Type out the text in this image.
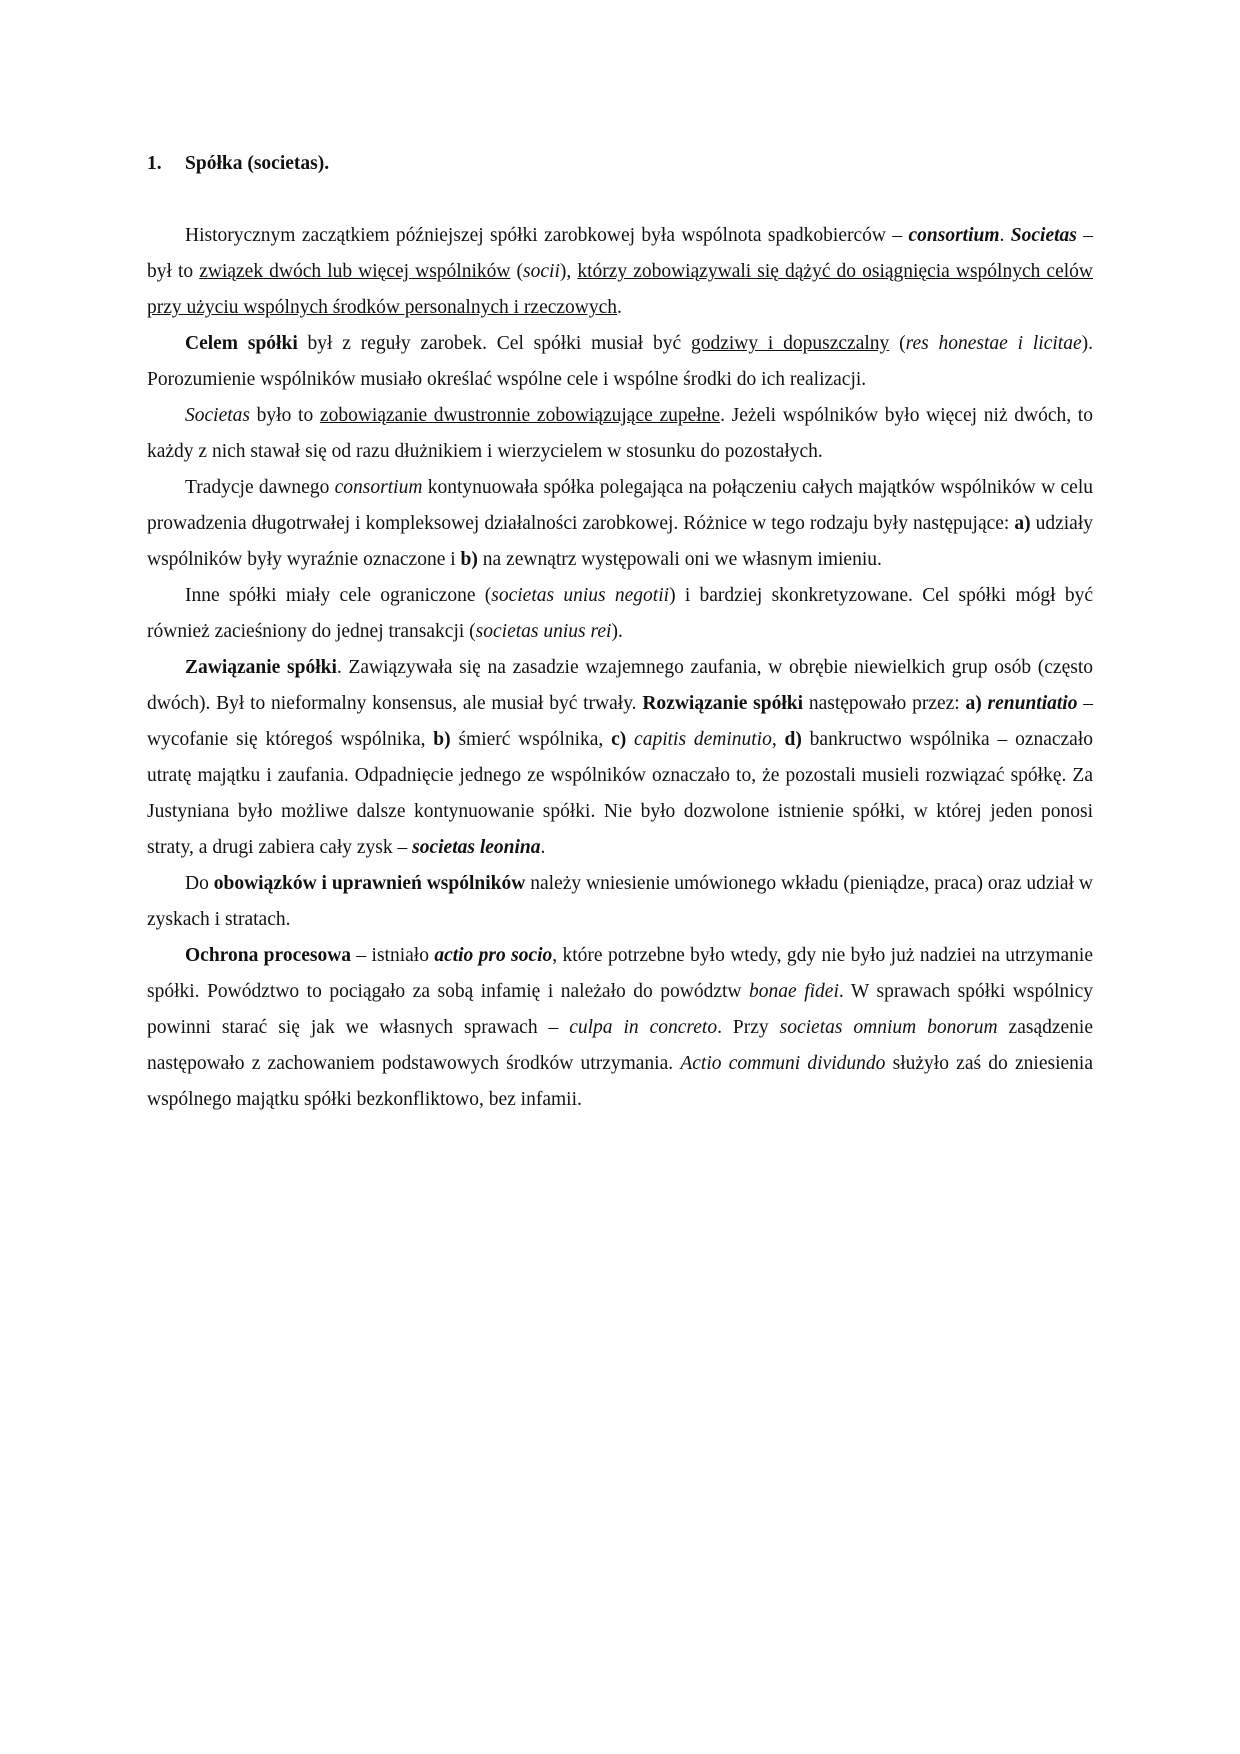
1.	Spółka (societas).

Historycznym zaczątkiem późniejszej spółki zarobkowej była wspólnota spadkobierców – consortium. Societas – był to związek dwóch lub więcej wspólników (socii), którzy zobowiązywali się dążyć do osiągnięcia wspólnych celów przy użyciu wspólnych środków personalnych i rzeczowych.

Celem spółki był z reguły zarobek. Cel spółki musiał być godziwy i dopuszczalny (res honestae i licitae). Porozumienie wspólników musiało określać wspólne cele i wspólne środki do ich realizacji.

Societas było to zobowiązanie dwustronnie zobowiązujące zupełne. Jeżeli wspólników było więcej niż dwóch, to każdy z nich stawał się od razu dłużnikiem i wierzycielem w stosunku do pozostałych.

Tradycje dawnego consortium kontynuowała spółka polegająca na połączeniu całych majątków wspólników w celu prowadzenia długotrwałej i kompleksowej działalności zarobkowej. Różnice w tego rodzaju były następujące: a) udziały wspólników były wyraźnie oznaczone i b) na zewnątrz występowali oni we własnym imieniu.

Inne spółki miały cele ograniczone (societas unius negotii) i bardziej skonkretyzowane. Cel spółki mógł być również zacieśniony do jednej transakcji (societas unius rei).

Zawiązanie spółki. Zawiązywała się na zasadzie wzajemnego zaufania, w obrębie niewielkich grup osób (często dwóch). Był to nieformalny konsensus, ale musiał być trwały. Rozwiązanie spółki następowało przez: a) renuntiatio – wycofanie się któregoś wspólnika, b) śmierć wspólnika, c) capitis deminutio, d) bankructwo wspólnika – oznaczało utratę majątku i zaufania. Odpadnięcie jednego ze wspólników oznaczało to, że pozostali musieli rozwiązać spółkę. Za Justyniana było możliwe dalsze kontynuowanie spółki. Nie było dozwolone istnienie spółki, w której jeden ponosi straty, a drugi zabiera cały zysk – societas leonina.

Do obowiązków i uprawnień wspólników należy wniesienie umówionego wkładu (pieniądze, praca) oraz udział w zyskach i stratach.

Ochrona procesowa – istniało actio pro socio, które potrzebne było wtedy, gdy nie było już nadziei na utrzymanie spółki. Powództwo to pociągało za sobą infamię i należało do powództw bonae fidei. W sprawach spółki wspólnicy powinni starać się jak we własnych sprawach – culpa in concreto. Przy societas omnium bonorum zasądzenie następowało z zachowaniem podstawowych środków utrzymania. Actio communi dividundo służyło zaś do zniesienia wspólnego majątku spółki bezkonfliktowo, bez infamii.
